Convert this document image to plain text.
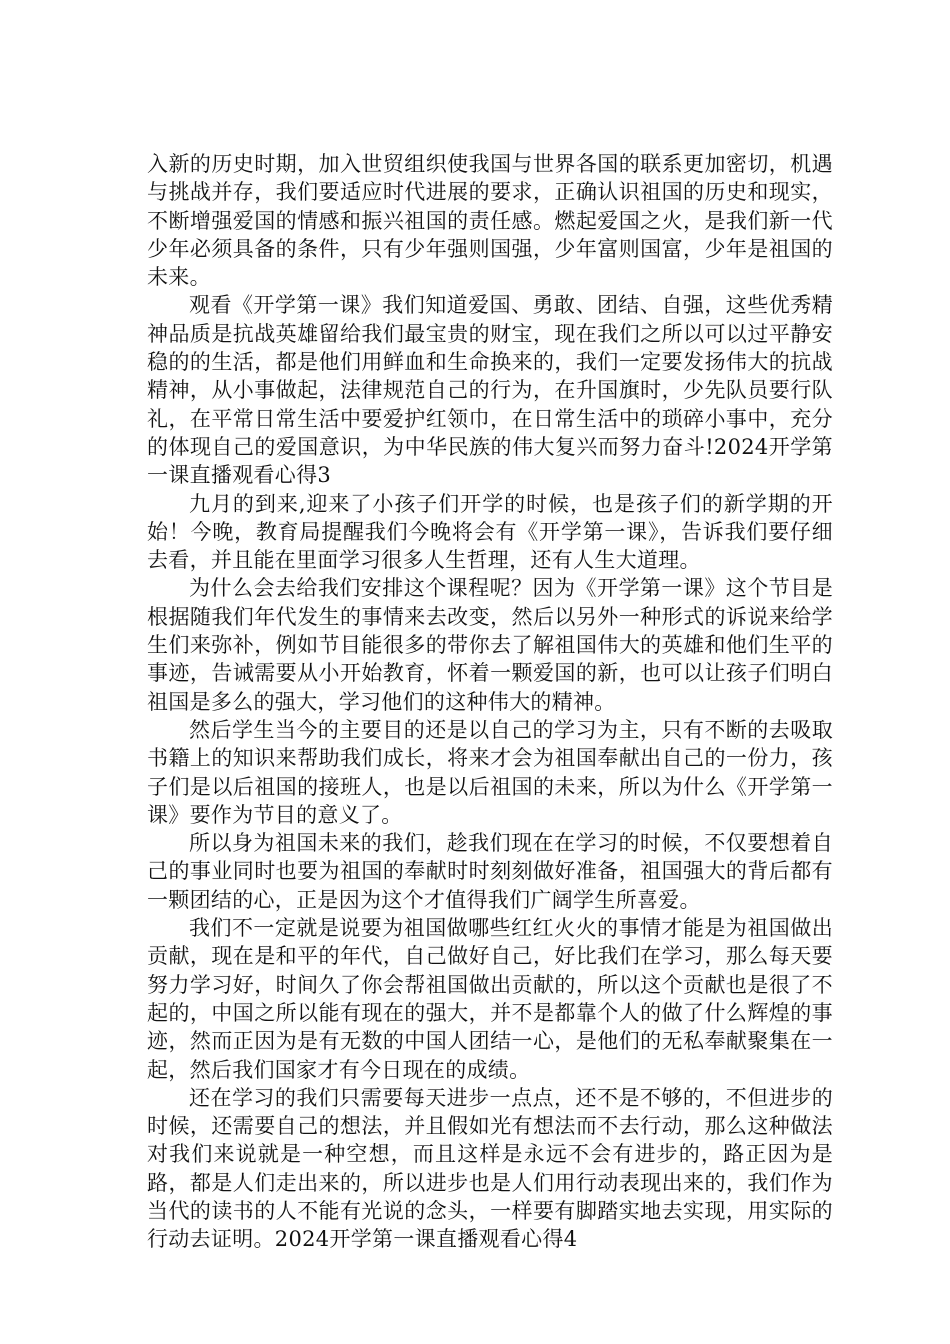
入新的历史时期，加入世贸组织使我国与世界各国的联系更加密切，机遇与挑战并存，我们要适应时代进展的要求，正确认识祖国的历史和现实，不断增强爱国的情感和振兴祖国的责任感。燃起爱国之火，是我们新一代少年必须具备的条件，只有少年强则国强，少年富则国富，少年是祖国的未来。

观看《开学第一课》我们知道爱国、勇敢、团结、自强，这些优秀精神品质是抗战英雄留给我们最宝贵的财宝，现在我们之所以可以过平静安稳的的生活，都是他们用鲜血和生命换来的，我们一定要发扬伟大的抗战精神，从小事做起，法律规范自己的行为，在升国旗时，少先队员要行队礼，在平常日常生活中要爱护红领巾，在日常生活中的琐碎小事中，充分的体现自己的爱国意识，为中华民族的伟大复兴而努力奋斗!2024开学第一课直播观看心得3

九月的到来,迎来了小孩子们开学的时候，也是孩子们的新学期的开始！今晚，教育局提醒我们今晚将会有《开学第一课》，告诉我们要仔细去看，并且能在里面学习很多人生哲理，还有人生大道理。

为什么会去给我们安排这个课程呢？因为《开学第一课》这个节目是根据随我们年代发生的事情来去改变，然后以另外一种形式的诉说来给学生们来弥补，例如节目能很多的带你去了解祖国伟大的英雄和他们生平的事迹，告诫需要从小开始教育，怀着一颗爱国的新，也可以让孩子们明白祖国是多么的强大，学习他们的这种伟大的精神。

然后学生当今的主要目的还是以自己的学习为主，只有不断的去吸取书籍上的知识来帮助我们成长，将来才会为祖国奉献出自己的一份力，孩子们是以后祖国的接班人，也是以后祖国的未来，所以为什么《开学第一课》要作为节目的意义了。

所以身为祖国未来的我们，趁我们现在在学习的时候，不仅要想着自己的事业同时也要为祖国的奉献时时刻刻做好准备，祖国强大的背后都有一颗团结的心，正是因为这个才值得我们广阔学生所喜爱。

我们不一定就是说要为祖国做哪些红红火火的事情才能是为祖国做出贡献，现在是和平的年代，自己做好自己，好比我们在学习，那么每天要努力学习好，时间久了你会帮祖国做出贡献的，所以这个贡献也是很了不起的，中国之所以能有现在的强大，并不是都靠个人的做了什么辉煌的事迹，然而正因为是有无数的中国人团结一心，是他们的无私奉献聚集在一起，然后我们国家才有今日现在的成绩。

还在学习的我们只需要每天进步一点点，还不是不够的，不但进步的时候，还需要自己的想法，并且假如光有想法而不去行动，那么这种做法对我们来说就是一种空想，而且这样是永远不会有进步的，路正因为是路，都是人们走出来的，所以进步也是人们用行动表现出来的，我们作为当代的读书的人不能有光说的念头，一样要有脚踏实地去实现，用实际的行动去证明。2024开学第一课直播观看心得4
